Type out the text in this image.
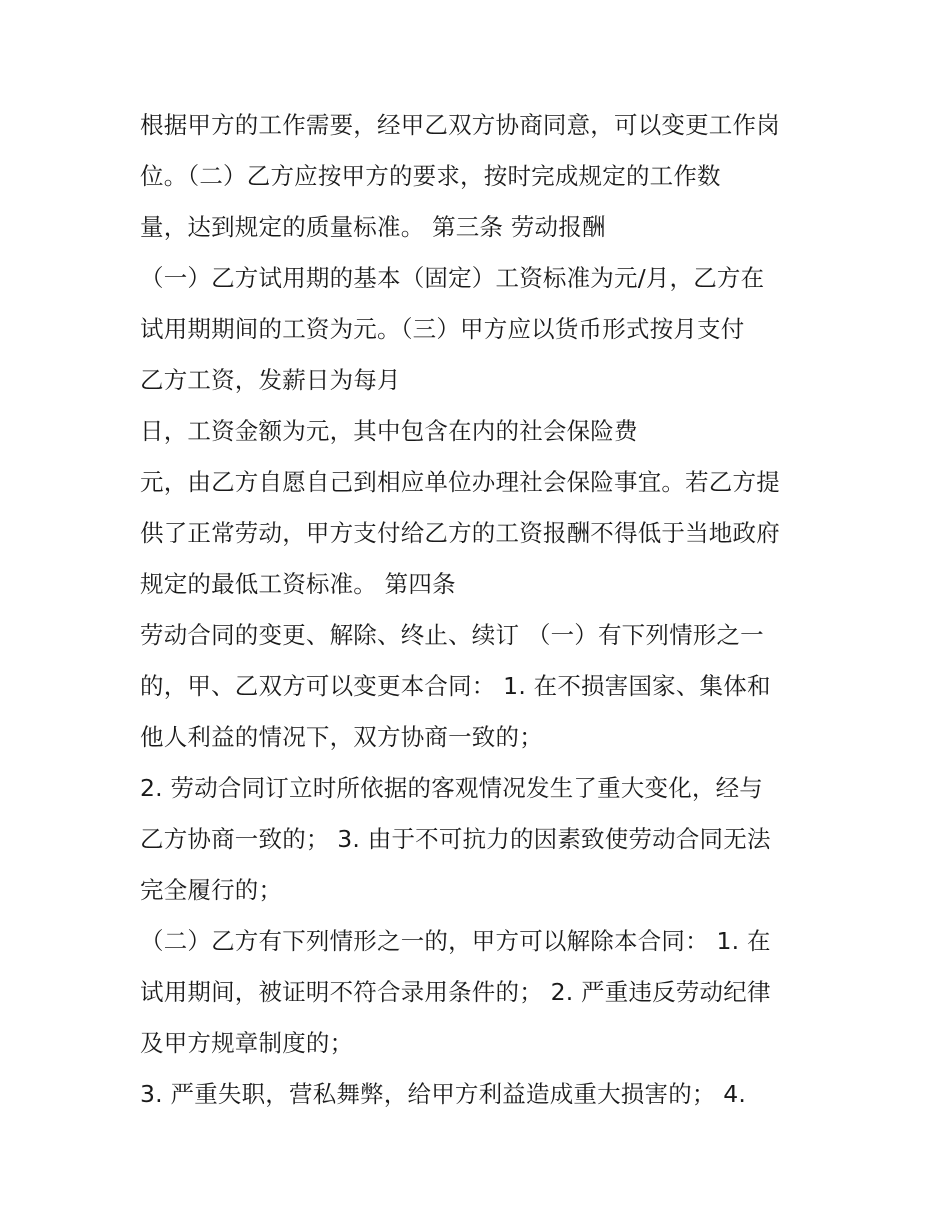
根据甲方的工作需要，经甲乙双方协商同意，可以变更工作岗
位。（二）乙方应按甲方的要求，按时完成规定的工作数
量，达到规定的质量标准。 第三条 劳动报酬
（一）乙方试用期的基本（固定）工资标准为元/月，乙方在
试用期期间的工资为元。（三）甲方应以货币形式按月支付
乙方工资，发薪日为每月
日，工资金额为元，其中包含在内的社会保险费
元，由乙方自愿自己到相应单位办理社会保险事宜。若乙方提
供了正常劳动，甲方支付给乙方的工资报酬不得低于当地政府
规定的最低工资标准。 第四条
劳动合同的变更、解除、终止、续订 （一）有下列情形之一
的，甲、乙双方可以变更本合同： 1. 在不损害国家、集体和
他人利益的情况下，双方协商一致的；
2. 劳动合同订立时所依据的客观情况发生了重大变化，经与
乙方协商一致的； 3. 由于不可抗力的因素致使劳动合同无法
完全履行的；
（二）乙方有下列情形之一的，甲方可以解除本合同： 1. 在
试用期间，被证明不符合录用条件的； 2. 严重违反劳动纪律
及甲方规章制度的；
3. 严重失职，营私舞弊，给甲方利益造成重大损害的； 4.
